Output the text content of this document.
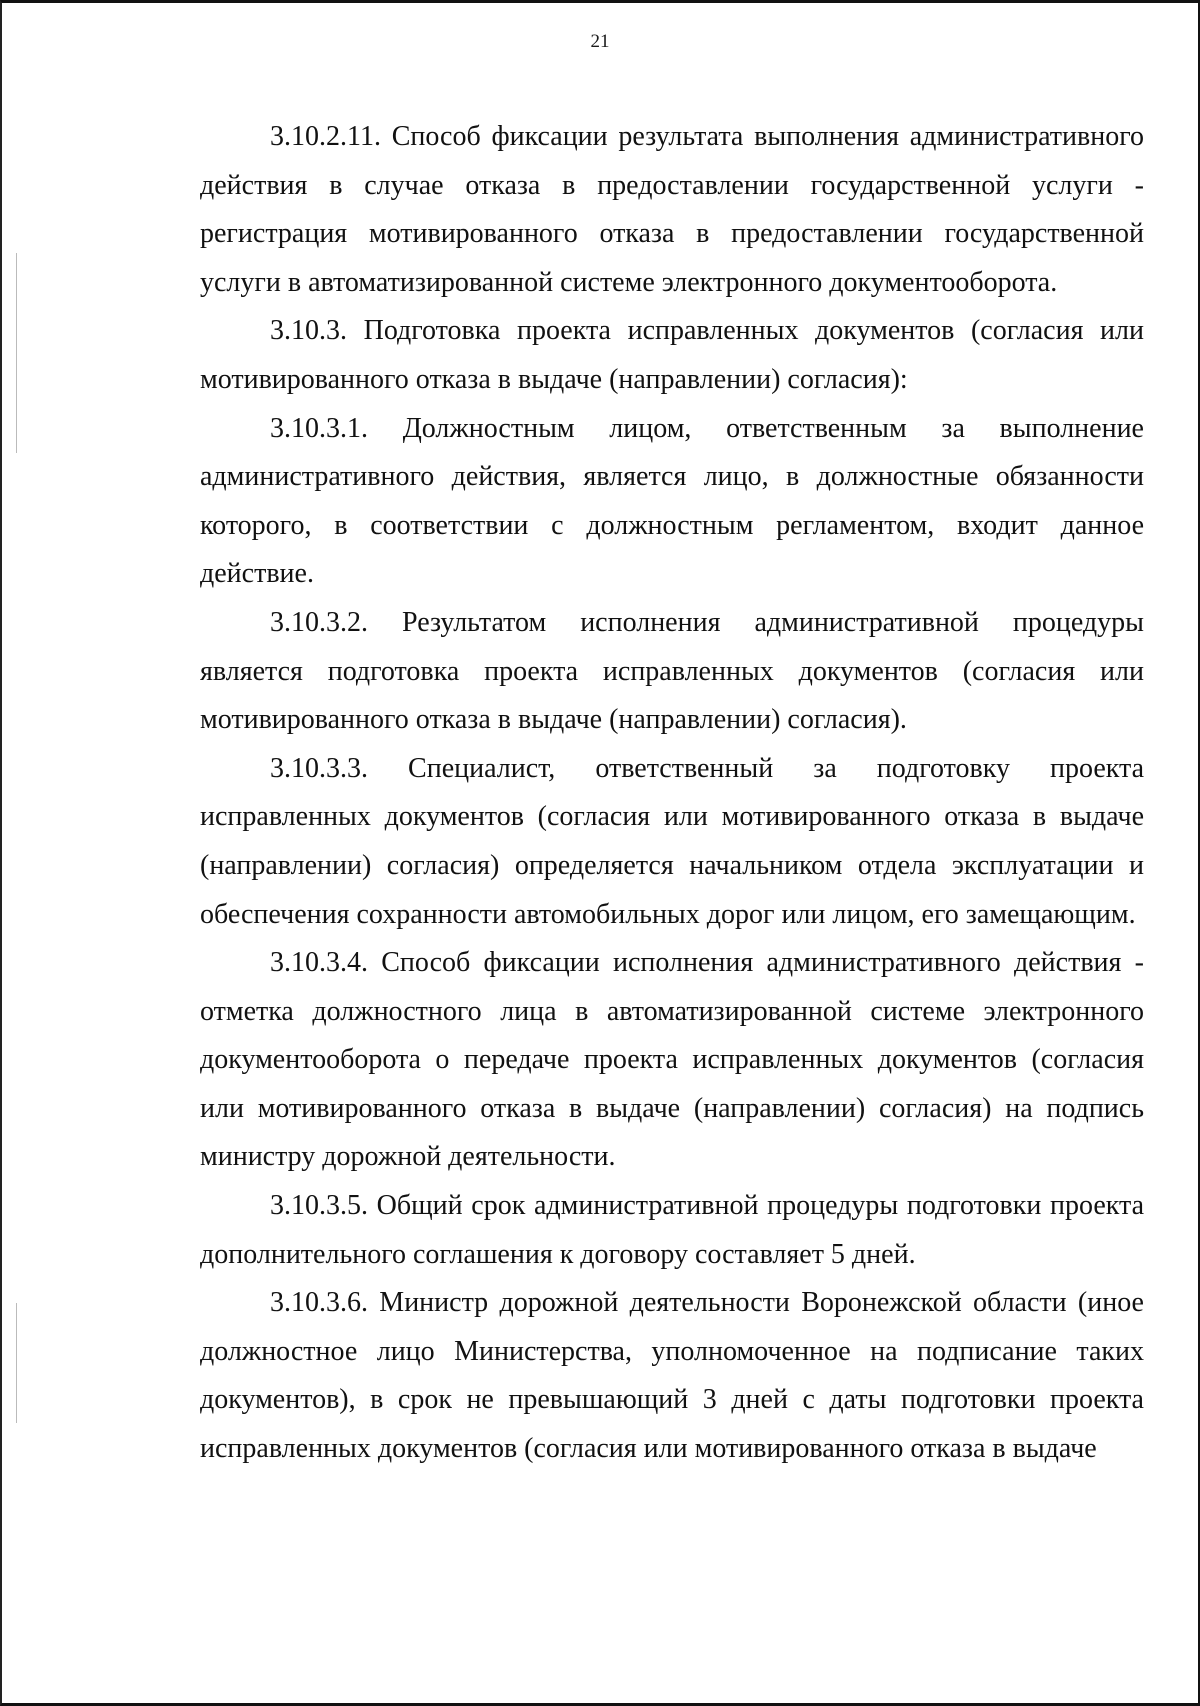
21

3.10.2.11. Способ фиксации результата выполнения административного действия в случае отказа в предоставлении государственной услуги - регистрация мотивированного отказа в предоставлении государственной услуги в автоматизированной системе электронного документооборота.

3.10.3. Подготовка проекта исправленных документов (согласия или мотивированного отказа в выдаче (направлении) согласия):

3.10.3.1. Должностным лицом, ответственным за выполнение административного действия, является лицо, в должностные обязанности которого, в соответствии с должностным регламентом, входит данное действие.

3.10.3.2. Результатом исполнения административной процедуры является подготовка проекта исправленных документов (согласия или мотивированного отказа в выдаче (направлении) согласия).

3.10.3.3. Специалист, ответственный за подготовку проекта исправленных документов (согласия или мотивированного отказа в выдаче (направлении) согласия) определяется начальником отдела эксплуатации и обеспечения сохранности автомобильных дорог или лицом, его замещающим.

3.10.3.4. Способ фиксации исполнения административного действия - отметка должностного лица в автоматизированной системе электронного документооборота о передаче проекта исправленных документов (согласия или мотивированного отказа в выдаче (направлении) согласия) на подпись министру дорожной деятельности.

3.10.3.5. Общий срок административной процедуры подготовки проекта дополнительного соглашения к договору составляет 5 дней.

3.10.3.6. Министр дорожной деятельности Воронежской области (иное должностное лицо Министерства, уполномоченное на подписание таких документов), в срок не превышающий 3 дней с даты подготовки проекта исправленных документов (согласия или мотивированного отказа в выдаче
